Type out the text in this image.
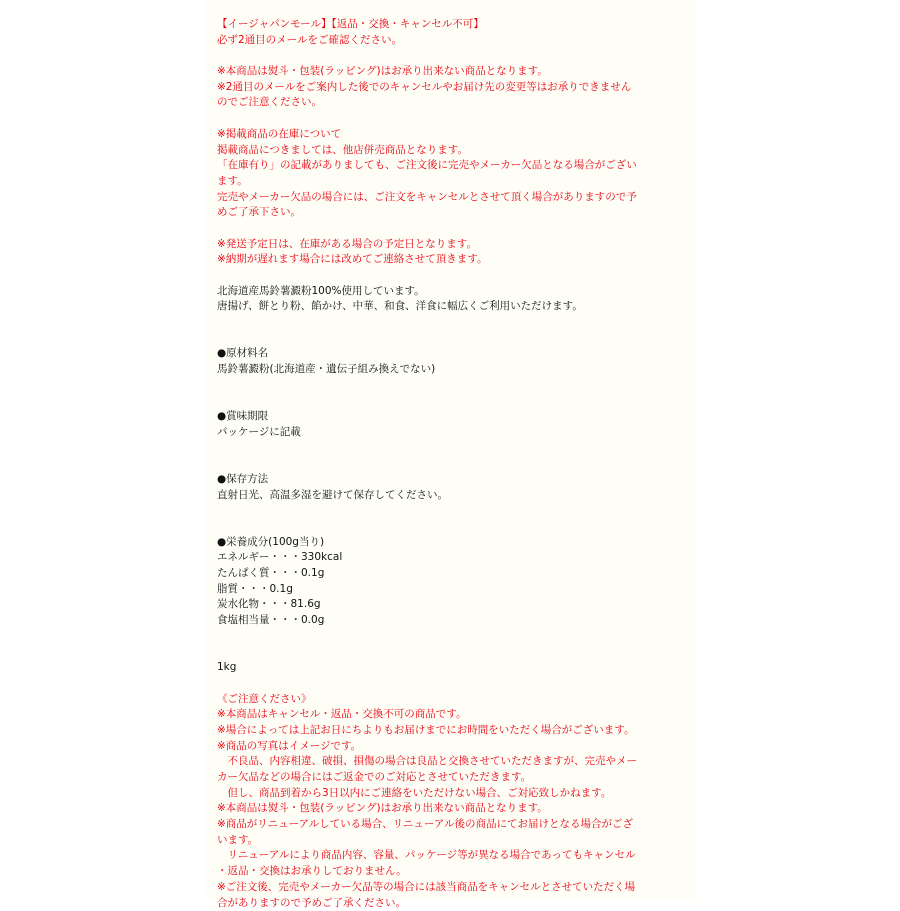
【イージャパンモール】【返品・交換・キャンセル不可】
必ず2通目のメールをご確認ください。
※本商品は熨斗・包装(ラッピング)はお承り出来ない商品となります。
※2通目のメールをご案内した後でのキャンセルやお届け先の変更等はお承りできません
のでご注意ください。
※掲載商品の在庫について
掲載商品につきましては、他店併売商品となります。
「在庫有り」の記載がありましても、ご注文後に完売やメーカー欠品となる場合がござい
ます。
完売やメーカー欠品の場合には、ご注文をキャンセルとさせて頂く場合がありますので予
めご了承下さい。
※発送予定日は、在庫がある場合の予定日となります。
※納期が遅れます場合には改めてご連絡させて頂きます。
北海道産馬鈴薯澱粉100%使用しています。
唐揚げ、餅とり粉、餡かけ、中華、和食、洋食に幅広くご利用いただけます。
●原材料名
馬鈴薯澱粉(北海道産・遺伝子組み換えでない)
●賞味期限
パッケージに記載
●保存方法
直射日光、高温多湿を避けて保存してください。
●栄養成分(100g当り)
エネルギー・・・330kcal
たんぱく質・・・0.1g
脂質・・・0.1g
炭水化物・・・81.6g
食塩相当量・・・0.0g
1kg
《ご注意ください》
※本商品はキャンセル・返品・交換不可の商品です。
※場合によっては上記お日にちよりもお届けまでにお時間をいただく場合がございます。
※商品の写真はイメージです。
　不良品、内容相違、破損、損傷の場合は良品と交換させていただきますが、完売やメー
カー欠品などの場合にはご返金でのご対応とさせていただきます。
　但し、商品到着から3日以内にご連絡をいただけない場合、ご対応致しかねます。
※本商品は熨斗・包装(ラッピング)はお承り出来ない商品となります。
※商品がリニューアルしている場合、リニューアル後の商品にてお届けとなる場合がござ
います。
　リニューアルにより商品内容、容量、パッケージ等が異なる場合であってもキャンセル
・返品・交換はお承りしておりません。
※ご注文後、完売やメーカー欠品等の場合には該当商品をキャンセルとさせていただく場
合がありますので予めご了承ください。
